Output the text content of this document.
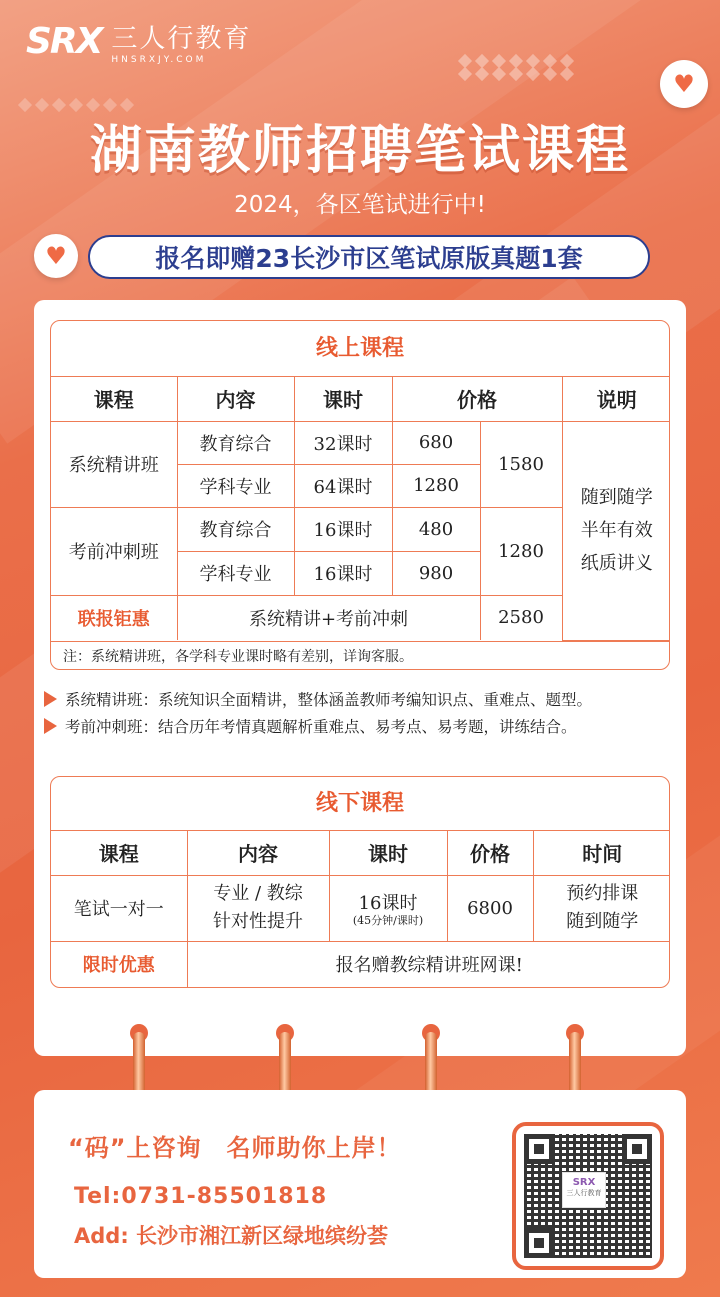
SRX 三人行教育
HNSRXJY.COM
♥
♥
湖南教师招聘笔试课程
2024，各区笔试进行中!
报名即赠23长沙市区笔试原版真题1套
线上课程
课程	内容	课时	价格		说明
系统精讲班	教育综合	32课时	680	1580	随到随学
半年有效
纸质讲义

	学科专业	64课时	1280		
考前冲刺班	教育综合	16课时	480	1280	
	学科专业	16课时	980		
联报钜惠	系统精讲+考前冲刺			2580	
注：系统精讲班，各学科专业课时略有差别，详询客服。
系统精讲班：系统知识全面精讲，整体涵盖教师考编知识点、重难点、题型。
考前冲刺班：结合历年考情真题解析重难点、易考点、易考题，讲练结合。
线下课程
课程	内容	课时	价格	时间
笔试一对一	专业 / 教综
针对性提升	16课时
(45分钟/课时)	6800	预约排课
随到随学

限时优惠	报名赠教综精讲班网课!			
“码”上咨询　名师助你上岸！
Tel:0731-85501818
Add: 长沙市湘江新区绿地缤纷荟
SRX
三人行教育
